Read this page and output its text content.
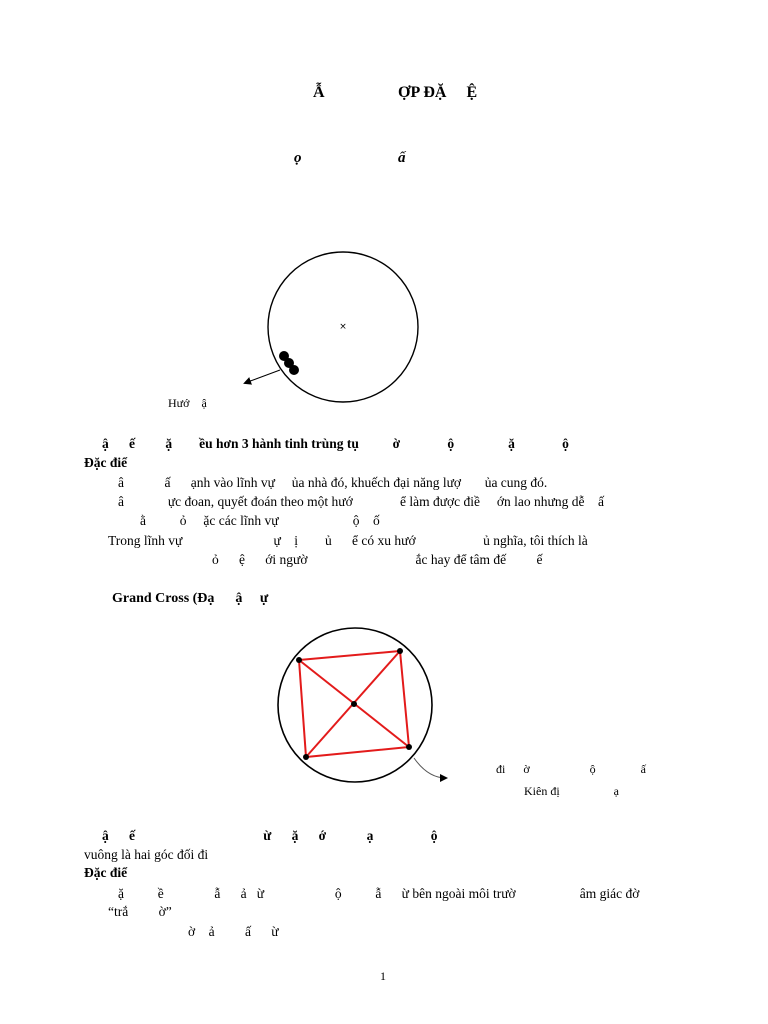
Ẫ	ỢP ĐẶ     Ệ
ọ	ấ
×
Hướ    ậ
ậ      ế         ặ        ều hơn 3 hành tinh trùng tụ          ờ              ộ                ặ              ộ
Đặc điể
â            ấ      ạnh vào lĩnh vự     ủa nhà đó, khuếch đại năng lượ       ủa cung đó.
â             ực đoan, quyết đoán theo một hướ              ể làm được điề     ớn lao nhưng dễ    ấ
ằ          ỏ     ặc các lĩnh vự                      ộ    ố
Trong lĩnh vự                           ự    ị        ủ      ể có xu hướ                    ủ nghĩa, tôi thích là
ỏ      ệ      ới ngườ                                ắc hay để tâm đế         ế
Grand Cross (Đạ      ậ     ự
đi      ờ                    ộ               ấ
Kiên đị                  ạ
ậ      ế                                      ừ      ặ      ớ            ạ                 ộ
vuông là hai góc đối đi
Đặc điể
ặ          ề               ẫ      ả   ừ                     ộ          ẫ      ừ bên ngoài môi trườ                   âm giác đờ
“trắ         ờ”
ờ    ả         ấ      ừ
1
